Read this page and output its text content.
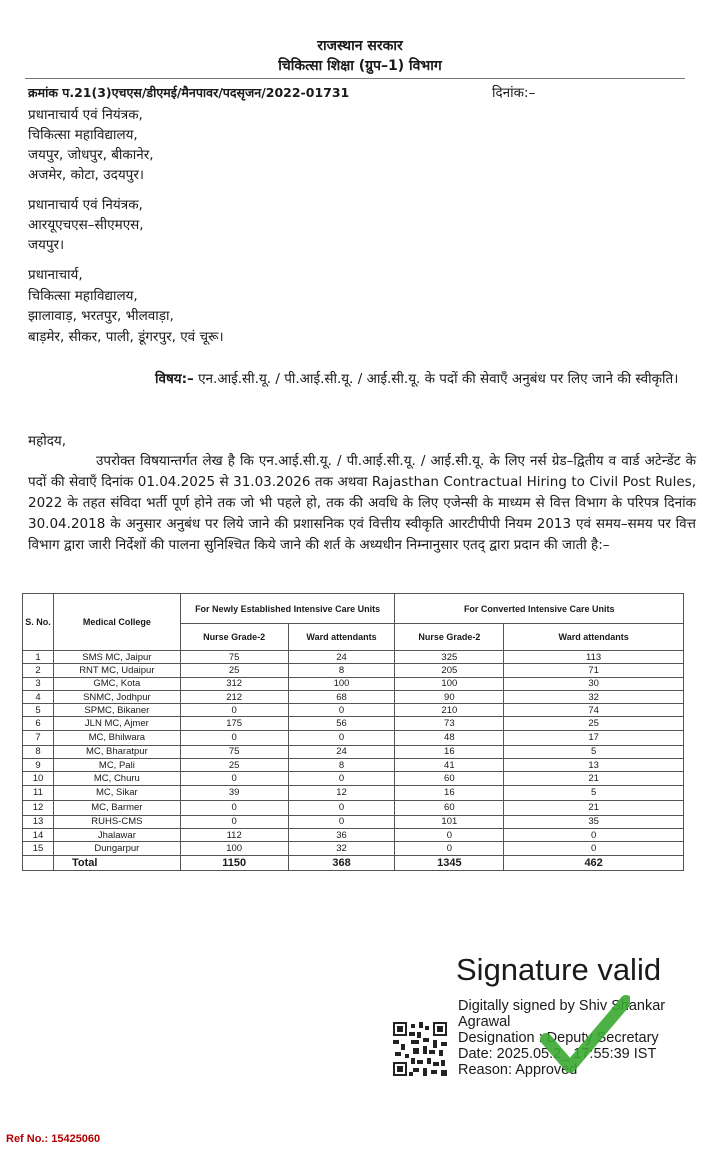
राजस्थान सरकार
चिकित्सा शिक्षा (ग्रुप–1) विभाग
क्रमांक प.21(3)एचएस/डीएमई/मैनपावर/पदसृजन/2022-01731	दिनांक:–
प्रधानाचार्य एवं नियंत्रक,
चिकित्सा महाविद्यालय,
जयपुर, जोधपुर, बीकानेर,
अजमेर, कोटा, उदयपुर।
प्रधानाचार्य एवं नियंत्रक,
आरयूएचएस–सीएमएस,
जयपुर।
प्रधानाचार्य,
चिकित्सा महाविद्यालय,
झालावाड़, भरतपुर, भीलवाड़ा,
बाड़मेर, सीकर, पाली, डूंगरपुर, एवं चूरू।
विषय:– एन.आई.सी.यू. / पी.आई.सी.यू. / आई.सी.यू. के पदों की सेवाएँ अनुबंध पर लिए जाने की स्वीकृति।
महोदय,
उपरोक्त विषयान्तर्गत लेख है कि एन.आई.सी.यू. / पी.आई.सी.यू. / आई.सी.यू. के लिए नर्स ग्रेड–द्वितीय व वार्ड अटेन्डेंट के पदों की सेवाएँ दिनांक 01.04.2025 से 31.03.2026 तक अथवा Rajasthan Contractual Hiring to Civil Post Rules, 2022 के तहत संविदा भर्ती पूर्ण होने तक जो भी पहले हो, तक की अवधि के लिए एजेन्सी के माध्यम से वित्त विभाग के परिपत्र दिनांक 30.04.2018 के अनुसार अनुबंध पर लिये जाने की प्रशासनिक एवं वित्तीय स्वीकृति आरटीपीपी नियम 2013 एवं समय–समय पर वित्त विभाग द्वारा जारी निर्देशों की पालना सुनिश्चित किये जाने की शर्त के अध्यधीन निम्नानुसार एतद् द्वारा प्रदान की जाती है:–
S. No.	Medical College	For Newly Established Intensive Care Units		For Converted Intensive Care Units	
		Nurse Grade-2	Ward attendants	Nurse Grade-2	Ward attendants
1	SMS MC, Jaipur	75	24	325	113
2	RNT MC, Udaipur	25	8	205	71
3	GMC, Kota	312	100	100	30
4	SNMC, Jodhpur	212	68	90	32
5	SPMC, Bikaner	0	0	210	74
6	JLN MC, Ajmer	175	56	73	25
7	MC, Bhilwara	0	0	48	17
8	MC, Bharatpur	75	24	16	5
9	MC, Pali	25	8	41	13
10	MC, Churu	0	0	60	21
11	MC, Sikar	39	12	16	5
12	MC, Barmer	0	0	60	21
13	RUHS-CMS	0	0	101	35
14	Jhalawar	112	36	0	0
15	Dungarpur	100	32	0	0
	Total	1150	368	1345	462
Signature valid
Digitally signed by Shiv Shankar
Agrawal
Designation : Deputy Secretary
Date: 2025.05.2_ 17:55:39 IST
Reason: Approved
Ref No.: 15425060
